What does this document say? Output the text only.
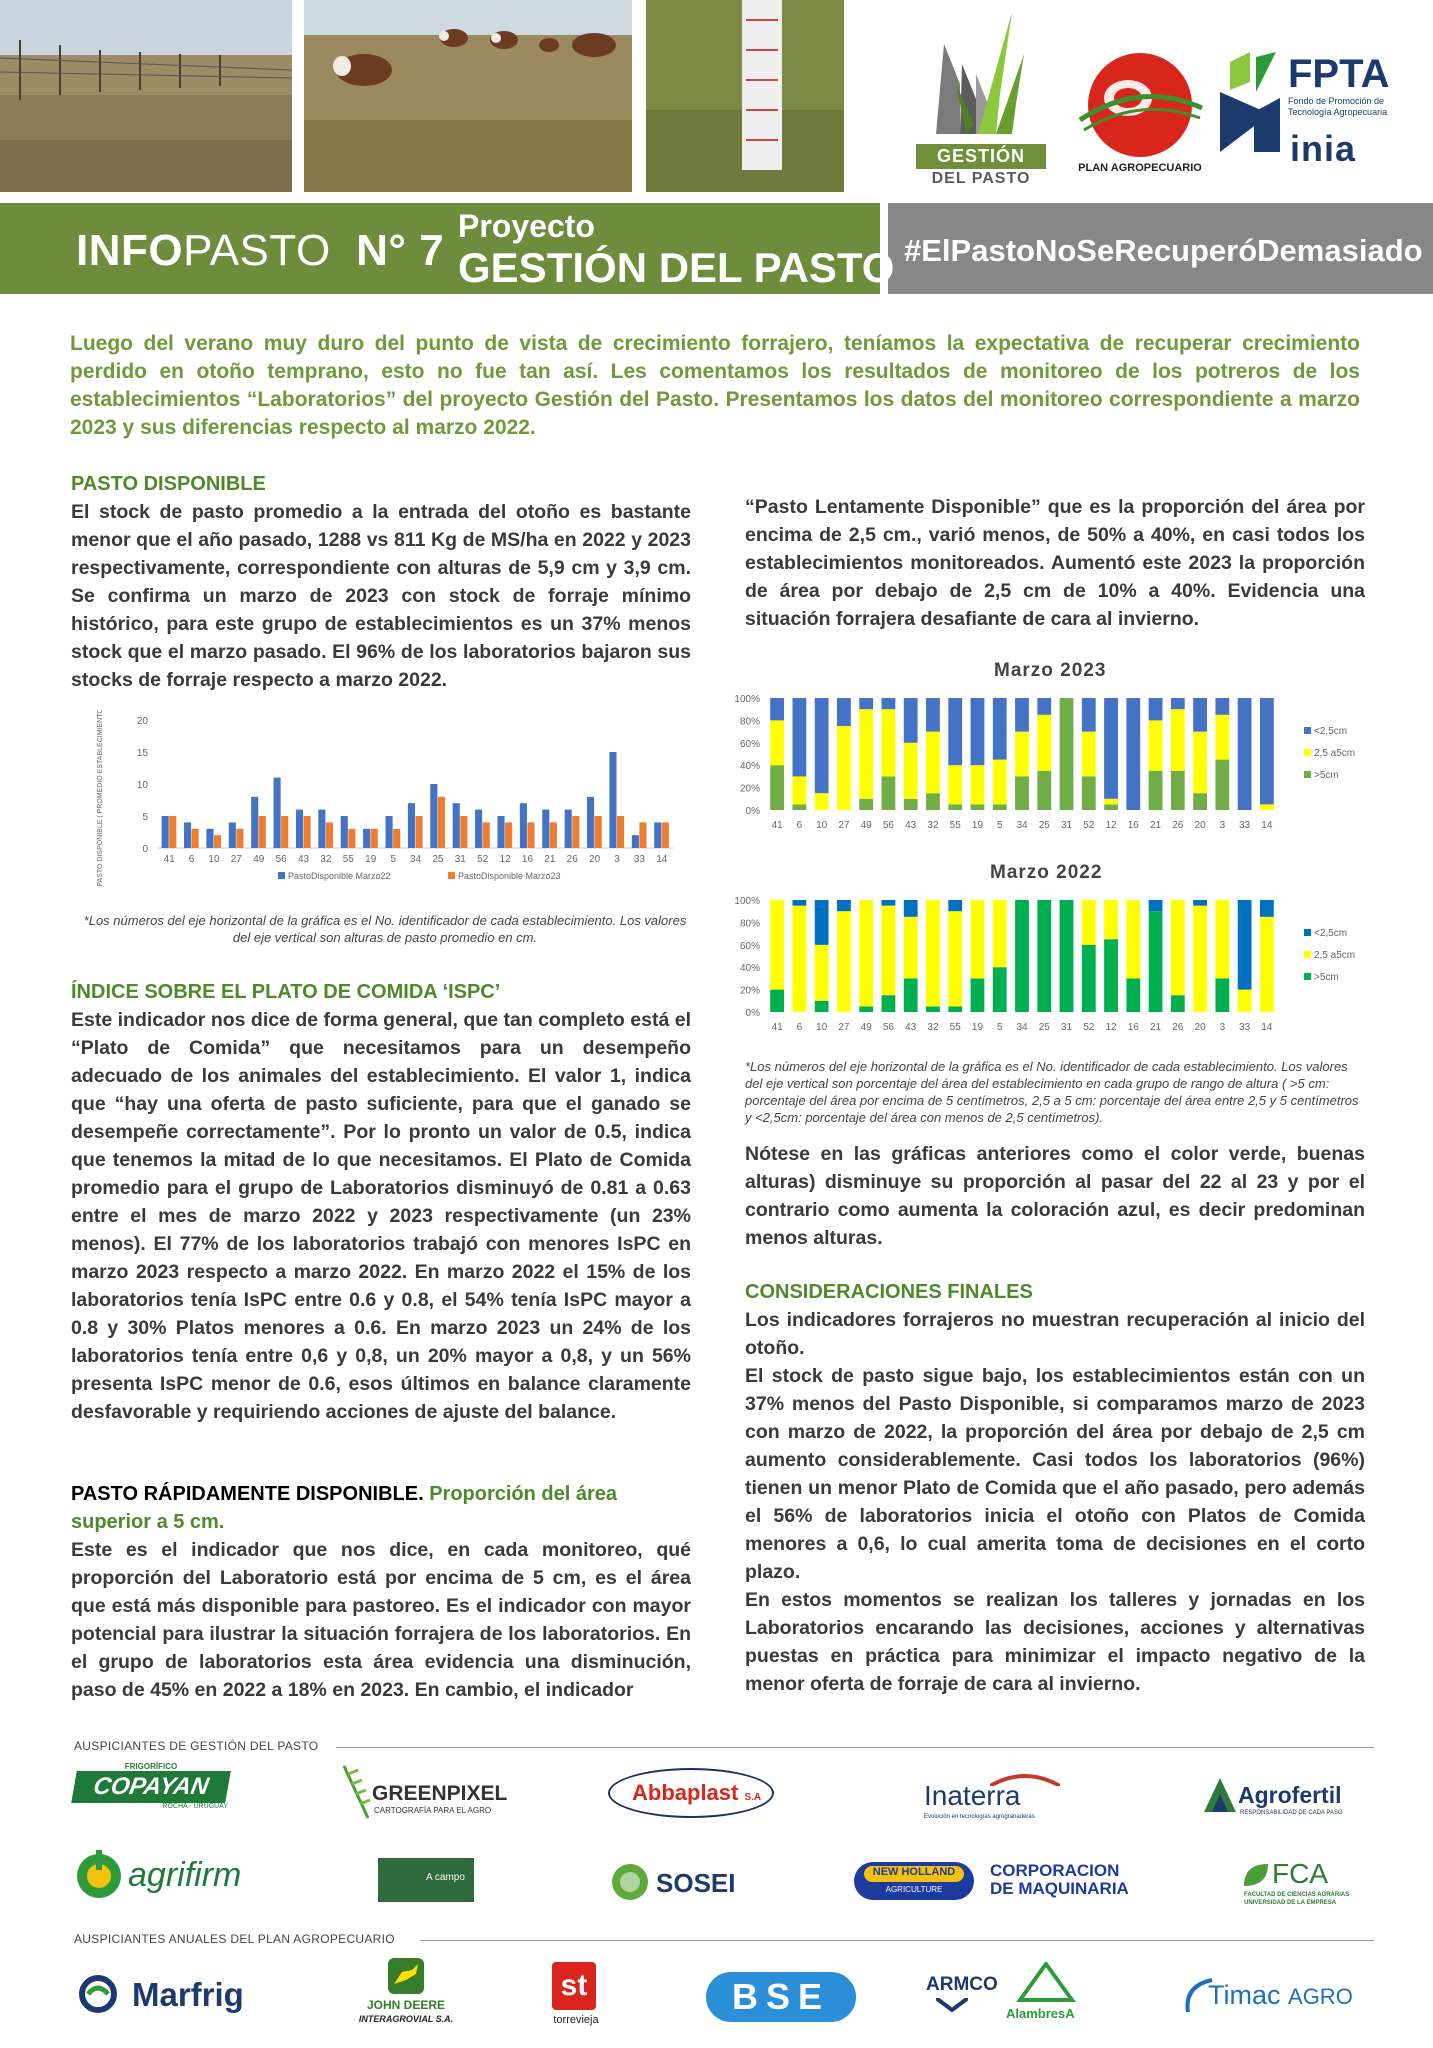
GESTIÓN
DEL PASTO
PLAN AGROPECUARIO
FPTA
Fondo de Promoción de Tecnología Agropecuaria
inia
INFOPASTO N° 7 Proyecto
GESTIÓN DEL PASTO #ElPastoNoSeRecuperóDemasiado
Luego del verano muy duro del punto de vista de crecimiento forrajero, teníamos la expectativa de recuperar crecimiento perdido en otoño temprano, esto no fue tan así. Les comentamos los resultados de monitoreo de los potreros de los establecimientos “Laboratorios” del proyecto Gestión del Pasto. Presentamos los datos del monitoreo correspondiente a marzo 2023 y sus diferencias respecto al marzo 2022.
PASTO DISPONIBLE
El stock de pasto promedio a la entrada del otoño es bastante menor que el año pasado, 1288 vs 811 Kg de MS/ha en 2022 y 2023 respectivamente, correspondiente con alturas de 5,9 cm y 3,9 cm. Se confirma un marzo de 2023 con stock de forraje mínimo histórico, para este grupo de establecimientos es un 37% menos stock que el marzo pasado. El 96% de los laboratorios bajaron sus stocks de forraje respecto a marzo 2022.
20
15
10
5
0
PASTO DISPONIBLE ( PROMEDIO ESTABLECIMIENTO EN CM)	41 6 10 27 49 56 43 32 55 19 5 34 25 31 52 12 16 21 26 20 3 33 14
PastoDisponible Marzo22	PastoDisponible Marzo23
*Los números del eje horizontal de la gráfica es el No. identificador de cada establecimiento. Los valores del eje vertical son alturas de pasto promedio en cm.
ÍNDICE SOBRE EL PLATO DE COMIDA ‘ISPC’
Este indicador nos dice de forma general, que tan completo está el “Plato de Comida” que necesitamos para un desempeño adecuado de los animales del establecimiento. El valor 1, indica que “hay una oferta de pasto suficiente, para que el ganado se desempeñe correctamente”. Por lo pronto un valor de 0.5, indica que tenemos la mitad de lo que necesitamos. El Plato de Comida promedio para el grupo de Laboratorios disminuyó de 0.81 a 0.63 entre el mes de marzo 2022 y 2023 respectivamente (un 23% menos). El 77% de los laboratorios trabajó con menores IsPC en marzo 2023 respecto a marzo 2022. En marzo 2022 el 15% de los laboratorios tenía IsPC entre 0.6 y 0.8, el 54% tenía IsPC mayor a 0.8 y 30% Platos menores a 0.6. En marzo 2023 un 24% de los laboratorios tenía entre 0,6 y 0,8, un 20% mayor a 0,8, y un 56% presenta IsPC menor de 0.6, esos últimos en balance claramente desfavorable y requiriendo acciones de ajuste del balance.
PASTO RÁPIDAMENTE DISPONIBLE. Proporción del área superior a 5 cm.
Este es el indicador que nos dice, en cada monitoreo, qué proporción del Laboratorio está por encima de 5 cm, es el área que está más disponible para pastoreo. Es el indicador con mayor potencial para ilustrar la situación forrajera de los laboratorios. En el grupo de laboratorios esta área evidencia una disminución, paso de 45% en 2022 a 18% en 2023. En cambio, el indicador
“Pasto Lentamente Disponible” que es la proporción del área por encima de 2,5 cm., varió menos, de 50% a 40%, en casi todos los establecimientos monitoreados. Aumentó este 2023 la proporción de área por debajo de 2,5 cm de 10% a 40%. Evidencia una situación forrajera desafiante de cara al invierno.
Marzo 2023
100%
80%
60%
40%
20%
0%
41 6 10 27 49 56 43 32 55 19 5 34 25 31 52 12 16 21 26 20 3 33 14
<2,5cm
2,5 a5cm
>5cm
Marzo 2022
100%
80%
60%
40%
20%
0%
41 6 10 27 49 56 43 32 55 19 5 34 25 31 52 12 16 21 26 20 3 33 14
<2,5cm
2,5 a5cm
>5cm
*Los números del eje horizontal de la gráfica es el No. identificador de cada establecimiento. Los valores del eje vertical son porcentaje del área del establecimiento en cada grupo de rango de altura ( >5 cm: porcentaje del área por encima de 5 centímetros, 2,5 a 5 cm: porcentaje del área entre 2,5 y 5 centímetros y <2,5cm: porcentaje del área con menos de 2,5 centímetros).
Nótese en las gráficas anteriores como el color verde, buenas alturas) disminuye su proporción al pasar del 22 al 23 y por el contrario como aumenta la coloración azul, es decir predominan menos alturas.
CONSIDERACIONES FINALES
Los indicadores forrajeros no muestran recuperación al inicio del otoño.
El stock de pasto sigue bajo, los establecimientos están con un 37% menos del Pasto Disponible, si comparamos marzo de 2023 con marzo de 2022, la proporción del área por debajo de 2,5 cm aumento considerablemente. Casi todos los laboratorios (96%) tienen un menor Plato de Comida que el año pasado, pero además el 56% de laboratorios inicia el otoño con Platos de Comida menores a 0,6, lo cual amerita toma de decisiones en el corto plazo.
En estos momentos se realizan los talleres y jornadas en los Laboratorios encarando las decisiones, acciones y alternativas puestas en práctica para minimizar el impacto negativo de la menor oferta de forraje de cara al invierno.
AUSPICIANTES DE GESTIÓN DEL PASTO
FRIGORÍFICO
COPAYAN
ROCHA - URUGUAY
GREENPIXEL
CARTOGRAFÍA PARA EL AGRO
Abbaplast S.A	Inaterra
Evolución en tecnologías agrogranaderas
Agrofertil
RESPONSABILIDAD DE CADA PASO
agrifirm	A campo	SOSEI	NEW HOLLAND
AGRICULTURE
CORPORACION
DE MAQUINARIA	FCA
FACULTAD DE CIENCIAS AGRARIAS
UNIVERSIDAD DE LA EMPRESA
AUSPICIANTES ANUALES DEL PLAN AGROPECUARIO
Marfrig	JOHN DEERE
INTERAGROVIAL S.A.
st
torrevieja
BSE	ARMCO
AlambresA
Timac AGRO
